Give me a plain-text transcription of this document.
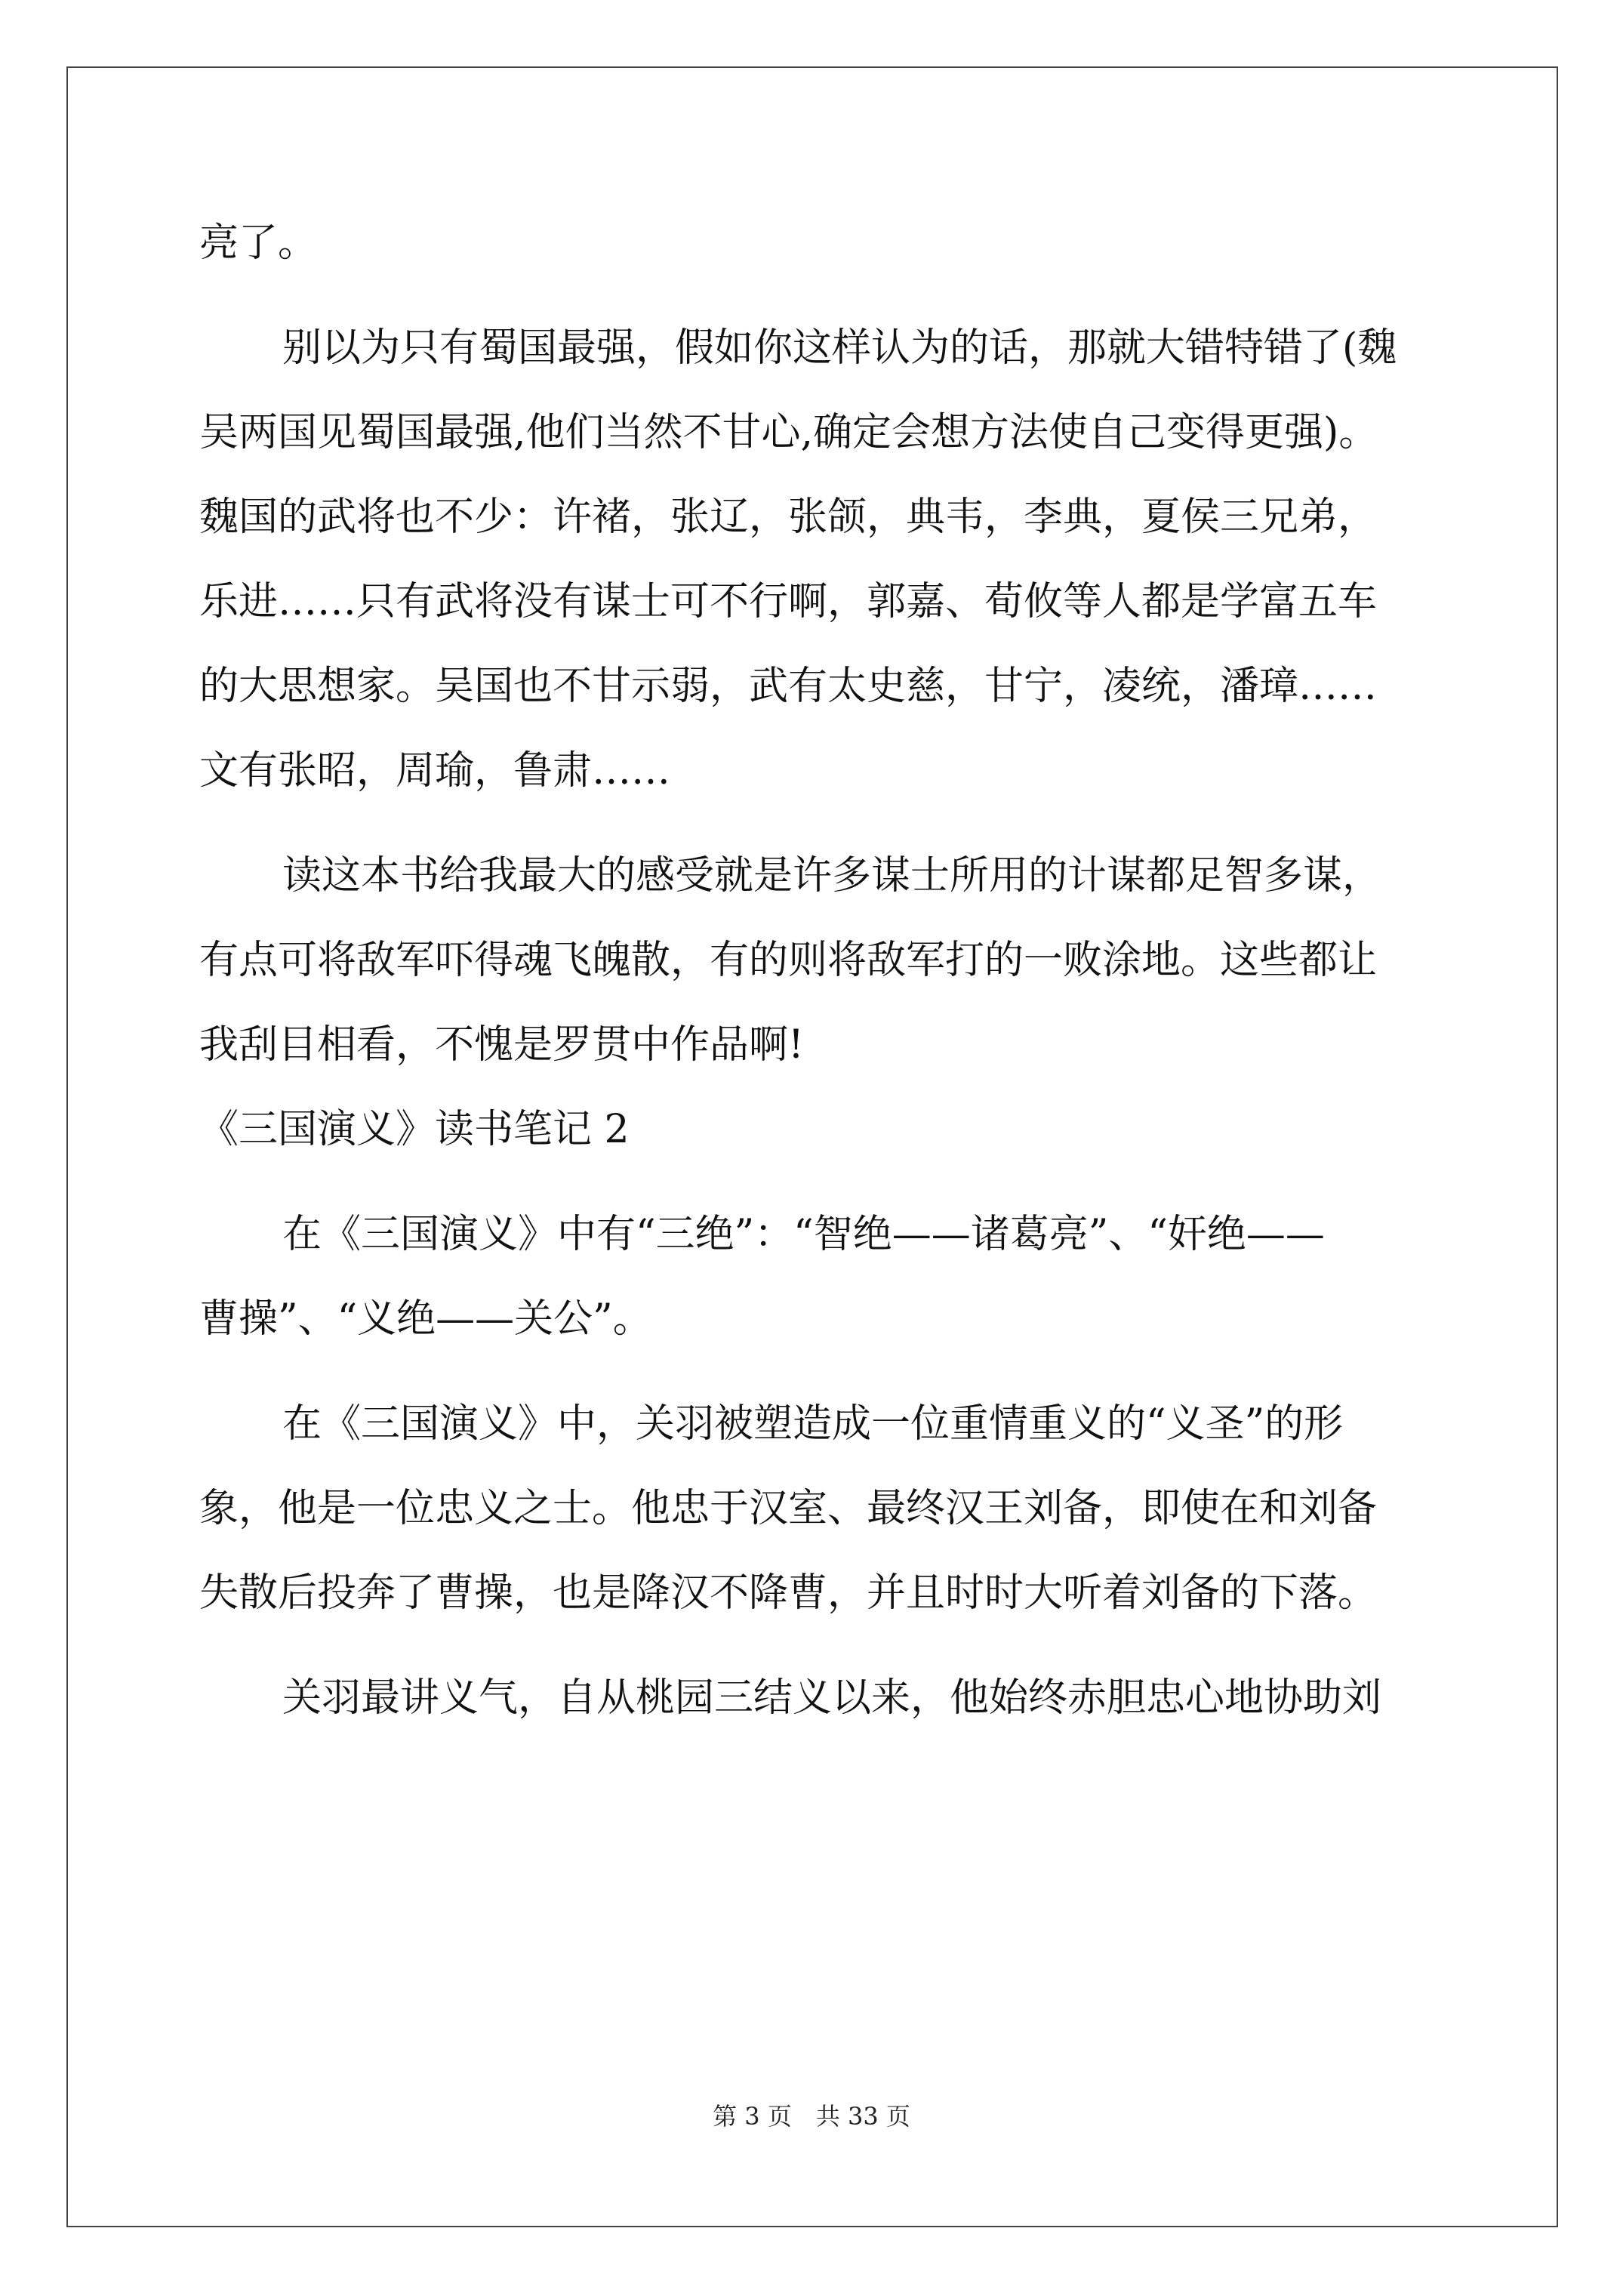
亮了。
别以为只有蜀国最强，假如你这样认为的话，那就大错特错了(魏
吴两国见蜀国最强,他们当然不甘心,确定会想方法使自己变得更强)。
魏国的武将也不少：许褚，张辽，张颌，典韦，李典，夏侯三兄弟，
乐进……只有武将没有谋士可不行啊，郭嘉、荀攸等人都是学富五车
的大思想家。吴国也不甘示弱，武有太史慈，甘宁，凌统，潘璋……
文有张昭，周瑜，鲁肃……
读这本书给我最大的感受就是许多谋士所用的计谋都足智多谋，
有点可将敌军吓得魂飞魄散，有的则将敌军打的一败涂地。这些都让
我刮目相看，不愧是罗贯中作品啊!
《三国演义》读书笔记 2
在《三国演义》中有“三绝”：“智绝——诸葛亮”、“奸绝——
曹操”、“义绝——关公”。
在《三国演义》中，关羽被塑造成一位重情重义的“义圣”的形
象，他是一位忠义之士。他忠于汉室、最终汉王刘备，即使在和刘备
失散后投奔了曹操，也是降汉不降曹，并且时时大听着刘备的下落。
关羽最讲义气，自从桃园三结义以来，他始终赤胆忠心地协助刘
第 3 页　共 33 页
